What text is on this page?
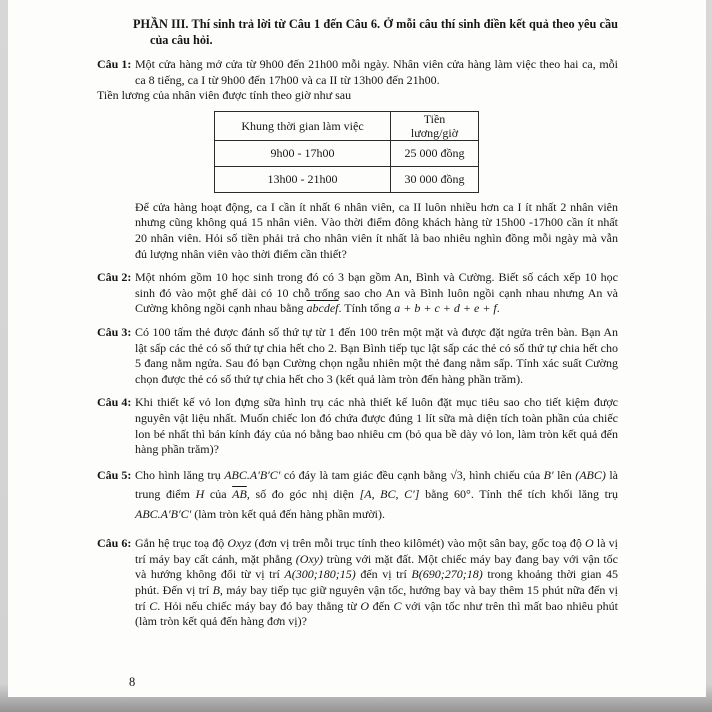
PHẦN III. Thí sinh trả lời từ Câu 1 đến Câu 6. Ở mỗi câu thí sinh điền kết quả theo yêu cầu của câu hỏi.

Câu 1: Một cửa hàng mở cửa từ 9h00 đến 21h00 mỗi ngày. Nhân viên cửa hàng làm việc theo hai ca, mỗi ca 8 tiếng, ca I từ 9h00 đến 17h00 và ca II từ 13h00 đến 21h00.

Tiền lương của nhân viên được tính theo giờ như sau

Khung thời gian làm việc	Tiền lương/giờ
9h00 - 17h00	25 000 đồng
13h00 - 21h00	30 000 đồng

Để cửa hàng hoạt động, ca I cần ít nhất 6 nhân viên, ca II luôn nhiều hơn ca I ít nhất 2 nhân viên nhưng cũng không quá 15 nhân viên. Vào thời điểm đông khách hàng từ 15h00 -17h00 cần ít nhất 20 nhân viên. Hỏi số tiền phải trả cho nhân viên ít nhất là bao nhiêu nghìn đồng mỗi ngày mà vẫn đủ lượng nhân viên vào thời điểm cần thiết?

Câu 2: Một nhóm gồm 10 học sinh trong đó có 3 bạn gồm An, Bình và Cường. Biết số cách xếp 10 học sinh đó vào một ghế dài có 10 chỗ trống sao cho An và Bình luôn ngồi cạnh nhau nhưng An và Cường không ngồi cạnh nhau bằng abcdef. Tính tổng a + b + c + d + e + f.

Câu 3: Có 100 tấm thẻ được đánh số thứ tự từ 1 đến 100 trên một mặt và được đặt ngửa trên bàn. Bạn An lật sấp các thẻ có số thứ tự chia hết cho 2. Bạn Bình tiếp tục lật sấp các thẻ có số thứ tự chia hết cho 5 đang nằm ngửa. Sau đó bạn Cường chọn ngẫu nhiên một thẻ đang nằm sấp. Tính xác suất Cường chọn được thẻ có số thứ tự chia hết cho 3 (kết quả làm tròn đến hàng phần trăm).

Câu 4: Khi thiết kế vỏ lon đựng sữa hình trụ các nhà thiết kế luôn đặt mục tiêu sao cho tiết kiệm được nguyên vật liệu nhất. Muốn chiếc lon đó chứa được đúng 1 lít sữa mà diện tích toàn phần của chiếc lon bé nhất thì bán kính đáy của nó bằng bao nhiêu cm (bỏ qua bề dày vỏ lon, làm tròn kết quả đến hàng phần trăm)?

Câu 5: Cho hình lăng trụ ABC.A′B′C′ có đáy là tam giác đều cạnh bằng √3, hình chiếu của B′ lên (ABC) là trung điểm H của $\overline{AB}$, số đo góc nhị diện [A, BC, C′] bằng 60°. Tính thể tích khối lăng trụ ABC.A′B′C′ (làm tròn kết quả đến hàng phần mười).

Câu 6: Gắn hệ trục toạ độ Oxyz (đơn vị trên mỗi trục tính theo kilômét) vào một sân bay, gốc toạ độ O là vị trí máy bay cất cánh, mặt phẳng (Oxy) trùng với mặt đất. Một chiếc máy bay đang bay với vận tốc và hướng không đổi từ vị trí A(300;180;15) đến vị trí B(690;270;18) trong khoảng thời gian 45 phút. Đến vị trí B, máy bay tiếp tục giữ nguyên vận tốc, hướng bay và bay thêm 15 phút nữa đến vị trí C. Hỏi nếu chiếc máy bay đó bay thẳng từ O đến C với vận tốc như trên thì mất bao nhiêu phút (làm tròn kết quả đến hàng đơn vị)?

8
